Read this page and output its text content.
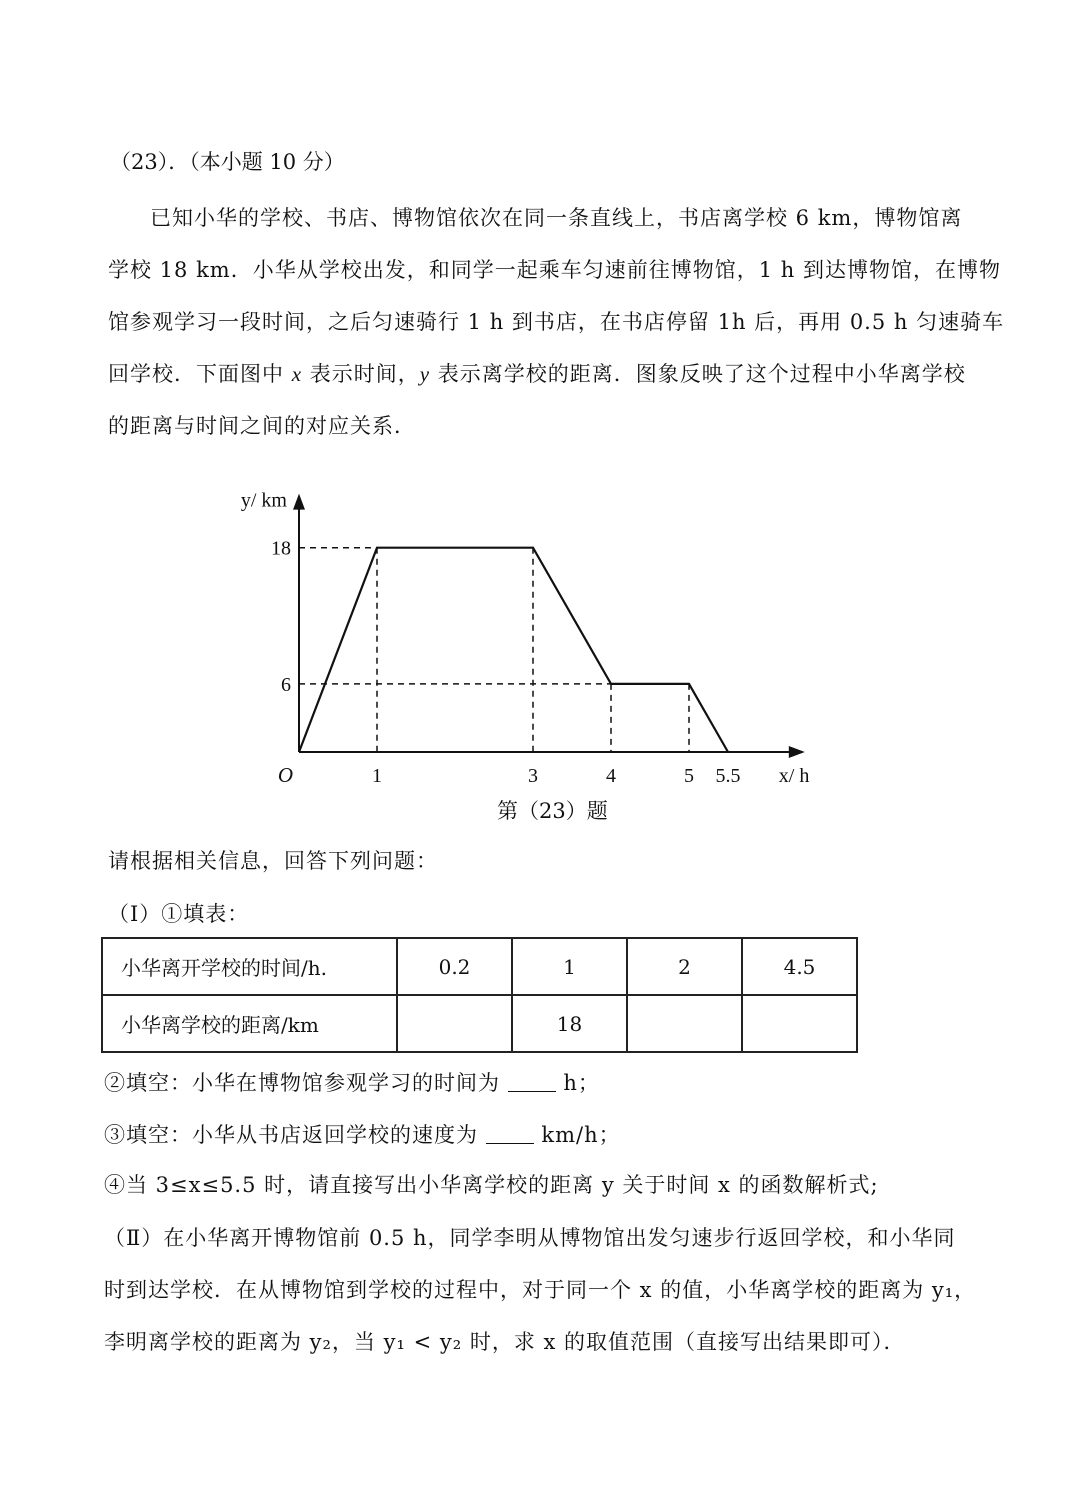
（23）．（本小题 10 分）
已知小华的学校、书店、博物馆依次在同一条直线上，书店离学校 6 km，博物馆离
学校 18 km．小华从学校出发，和同学一起乘车匀速前往博物馆，1 h 到达博物馆，在博物
馆参观学习一段时间，之后匀速骑行 1 h 到书店，在书店停留 1h 后，再用 0.5 h 匀速骑车
回学校．下面图中 x 表示时间，y 表示离学校的距离．图象反映了这个过程中小华离学校
的距离与时间之间的对应关系．
1	3	4	5 5.5
6
18
O	x/ h
y/ km
第（23）题
请根据相关信息，回答下列问题：
（Ⅰ）①填表：
小华离开学校的时间/h.	0.2	1	2	4.5
小华离学校的距离/km		18		
②填空：小华在博物馆参观学习的时间为  h；
③填空：小华从书店返回学校的速度为  km/h；
④当 3≤x≤5.5 时，请直接写出小华离学校的距离 y 关于时间 x 的函数解析式;
（Ⅱ）在小华离开博物馆前 0.5 h，同学李明从博物馆出发匀速步行返回学校，和小华同
时到达学校．在从博物馆到学校的过程中，对于同一个 x 的值，小华离学校的距离为 y₁，
李明离学校的距离为 y₂，当 y₁ < y₂ 时，求 x 的取值范围（直接写出结果即可）．
